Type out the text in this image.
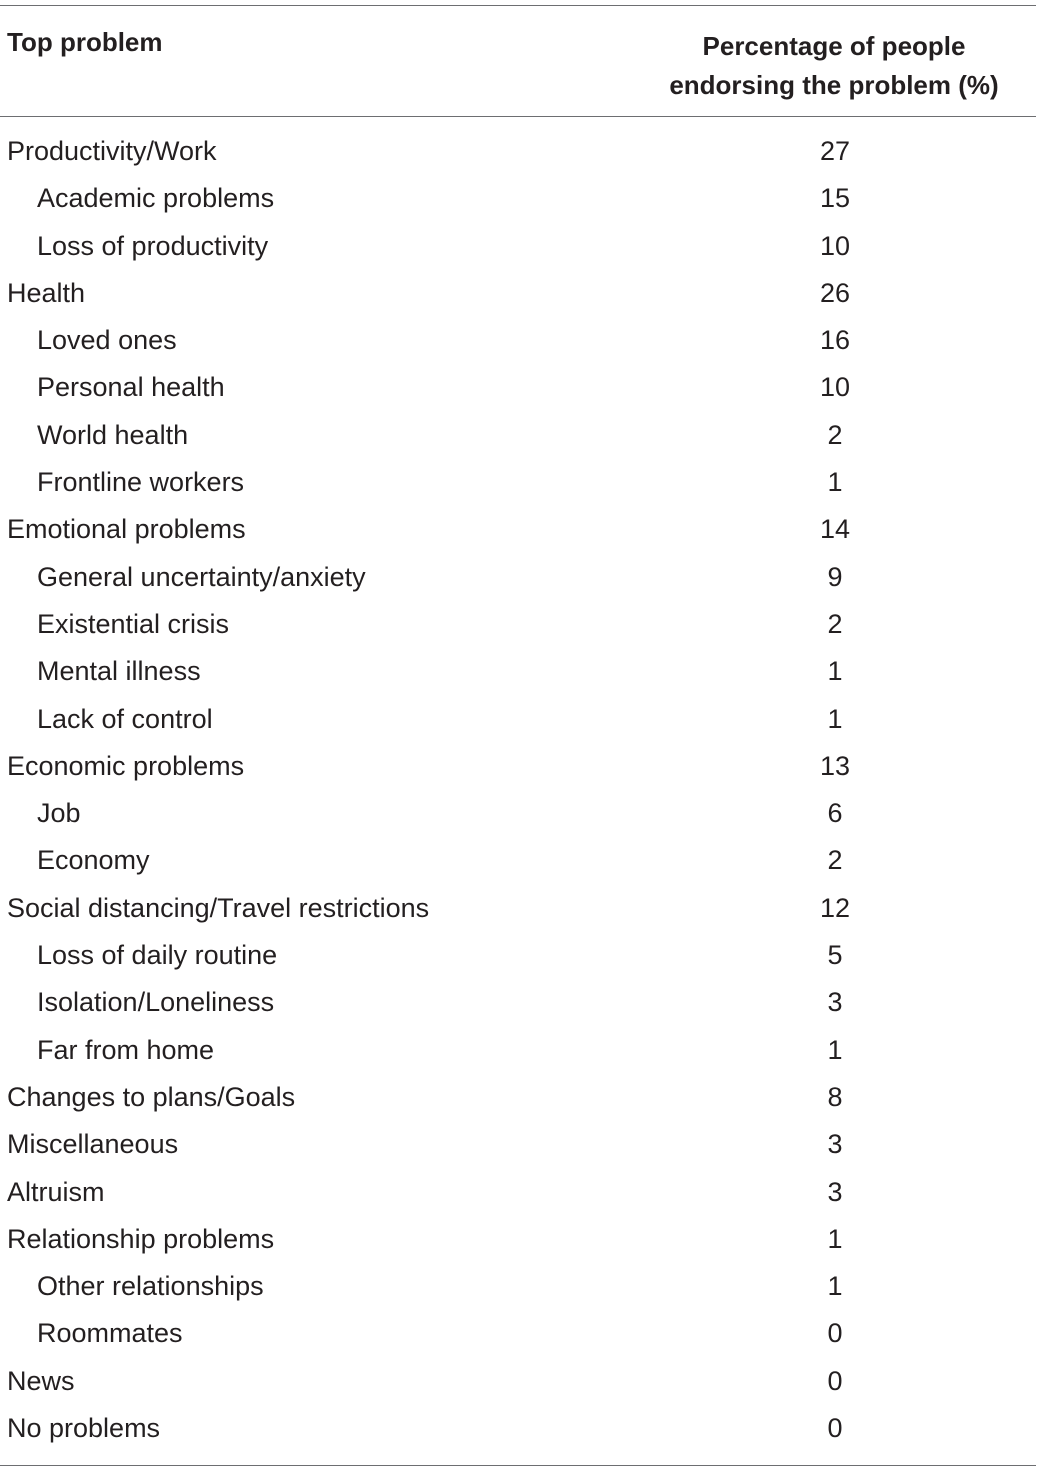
Top problem	Percentage of people
endorsing the problem (%)
Productivity/Work	27
Academic problems	15
Loss of productivity	10
Health	26
Loved ones	16
Personal health	10
World health	2
Frontline workers	1
Emotional problems	14
General uncertainty/anxiety	9
Existential crisis	2
Mental illness	1
Lack of control	1
Economic problems	13
Job	6
Economy	2
Social distancing/Travel restrictions	12
Loss of daily routine	5
Isolation/Loneliness	3
Far from home	1
Changes to plans/Goals	8
Miscellaneous	3
Altruism	3
Relationship problems	1
Other relationships	1
Roommates	0
News	0
No problems	0
